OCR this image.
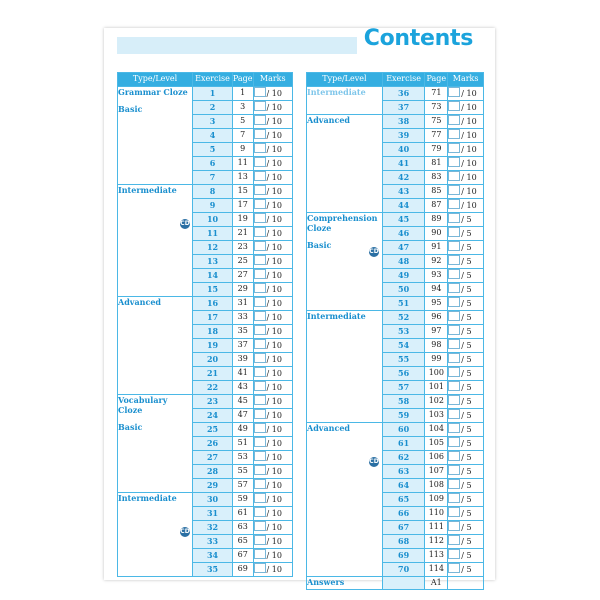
Contents
Type/Level	Exercise	Page	Marks

Grammar Cloze
Basic	1	1	/ 10
	2	3	/ 10
	3	5	/ 10
	4	7	/ 10
	5	9	/ 10
	6	11	/ 10
	7	13	/ 10

Intermediate
CD	8	15	/ 10
	9	17	/ 10
	10	19	/ 10
	11	21	/ 10
	12	23	/ 10
	13	25	/ 10
	14	27	/ 10
	15	29	/ 10

Advanced	16	31	/ 10
	17	33	/ 10
	18	35	/ 10
	19	37	/ 10
	20	39	/ 10
	21	41	/ 10
	22	43	/ 10

Vocabulary Cloze
Basic	23	45	/ 10
	24	47	/ 10
	25	49	/ 10
	26	51	/ 10
	27	53	/ 10
	28	55	/ 10
	29	57	/ 10

Intermediate
CD	30	59	/ 10
	31	61	/ 10
	32	63	/ 10
	33	65	/ 10
	34	67	/ 10
	35	69	/ 10
Type/Level	Exercise	Page	Marks

Intermediate	36	71	/ 10
	37	73	/ 10

Advanced	38	75	/ 10
	39	77	/ 10
	40	79	/ 10
	41	81	/ 10
	42	83	/ 10
	43	85	/ 10
	44	87	/ 10

Comprehension Cloze
Basic
CD	45	89	/ 5
	46	90	/ 5
	47	91	/ 5
	48	92	/ 5
	49	93	/ 5
	50	94	/ 5
	51	95	/ 5

Intermediate	52	96	/ 5
	53	97	/ 5
	54	98	/ 5
	55	99	/ 5
	56	100	/ 5
	57	101	/ 5
	58	102	/ 5
	59	103	/ 5

Advanced
CD	60	104	/ 5
	61	105	/ 5
	62	106	/ 5
	63	107	/ 5
	64	108	/ 5
	65	109	/ 5
	66	110	/ 5
	67	111	/ 5
	68	112	/ 5
	69	113	/ 5
	70	114	/ 5

Answers		A1	
